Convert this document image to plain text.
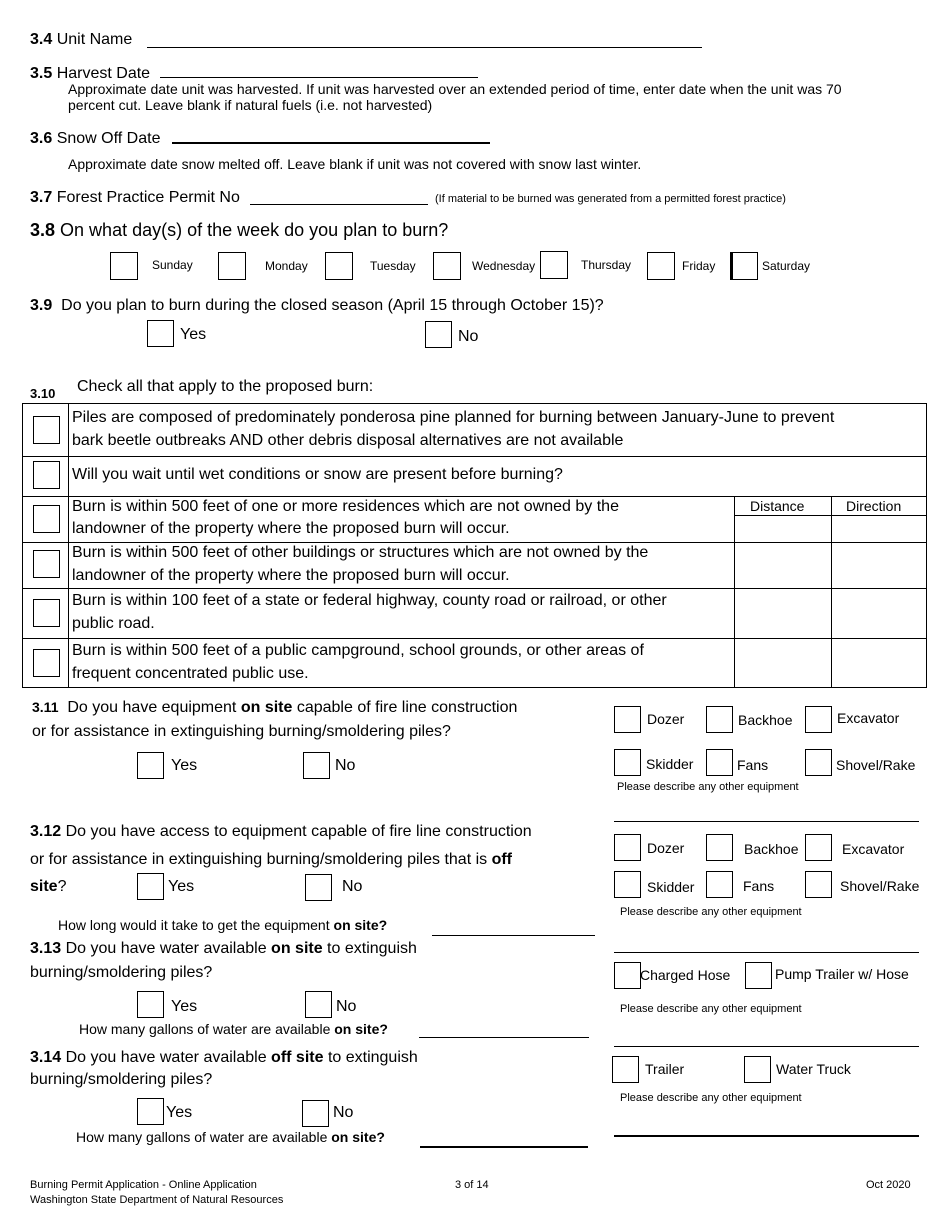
3.4 Unit Name
3.5 Harvest Date
Approximate date unit was harvested. If unit was harvested over an extended period of time, enter date when the unit was 70
percent cut. Leave blank if natural fuels (i.e. not harvested)
3.6 Snow Off Date
Approximate date snow melted off. Leave blank if unit was not covered with snow last winter.
3.7 Forest Practice Permit No	(If material to be burned was generated from a permitted forest practice)
3.8 On what day(s) of the week do you plan to burn?
Sunday	Monday	Tuesday	Wednesday	Thursday	Friday	Saturday
3.9 Do you plan to burn during the closed season (April 15 through October 15)?
Yes	No
3.10 Check all that apply to the proposed burn:
Distance	Direction
Piles are composed of predominately ponderosa pine planned for burning between January-June to prevent
bark beetle outbreaks AND other debris disposal alternatives are not available
Will you wait until wet conditions or snow are present before burning?
Burn is within 500 feet of one or more residences which are not owned by the
landowner of the property where the proposed burn will occur.
Burn is within 500 feet of other buildings or structures which are not owned by the
landowner of the property where the proposed burn will occur.
Burn is within 100 feet of a state or federal highway, county road or railroad, or other
public road.
Burn is within 500 feet of a public campground, school grounds, or other areas of
frequent concentrated public use.
3.11 Do you have equipment on site capable of fire line construction
or for assistance in extinguishing burning/smoldering piles?
Yes	No
Dozer	Backhoe	Excavator
Skidder	Fans	Shovel/Rake
Please describe any other equipment
3.12 Do you have access to equipment capable of fire line construction
or for assistance in extinguishing burning/smoldering piles that is off
site?	Yes	No
How long would it take to get the equipment on site?
Dozer	Backhoe	Excavator
Skidder	Fans	Shovel/Rake
Please describe any other equipment
3.13 Do you have water available on site to extinguish
burning/smoldering piles?
Yes	No
How many gallons of water are available on site?
Charged Hose	Pump Trailer w/ Hose
Please describe any other equipment
3.14 Do you have water available off site to extinguish
burning/smoldering piles?
Yes	No
How many gallons of water are available on site?
Trailer	Water Truck
Please describe any other equipment
Burning Permit Application - Online Application
Washington State Department of Natural Resources
3 of 14	Oct 2020
